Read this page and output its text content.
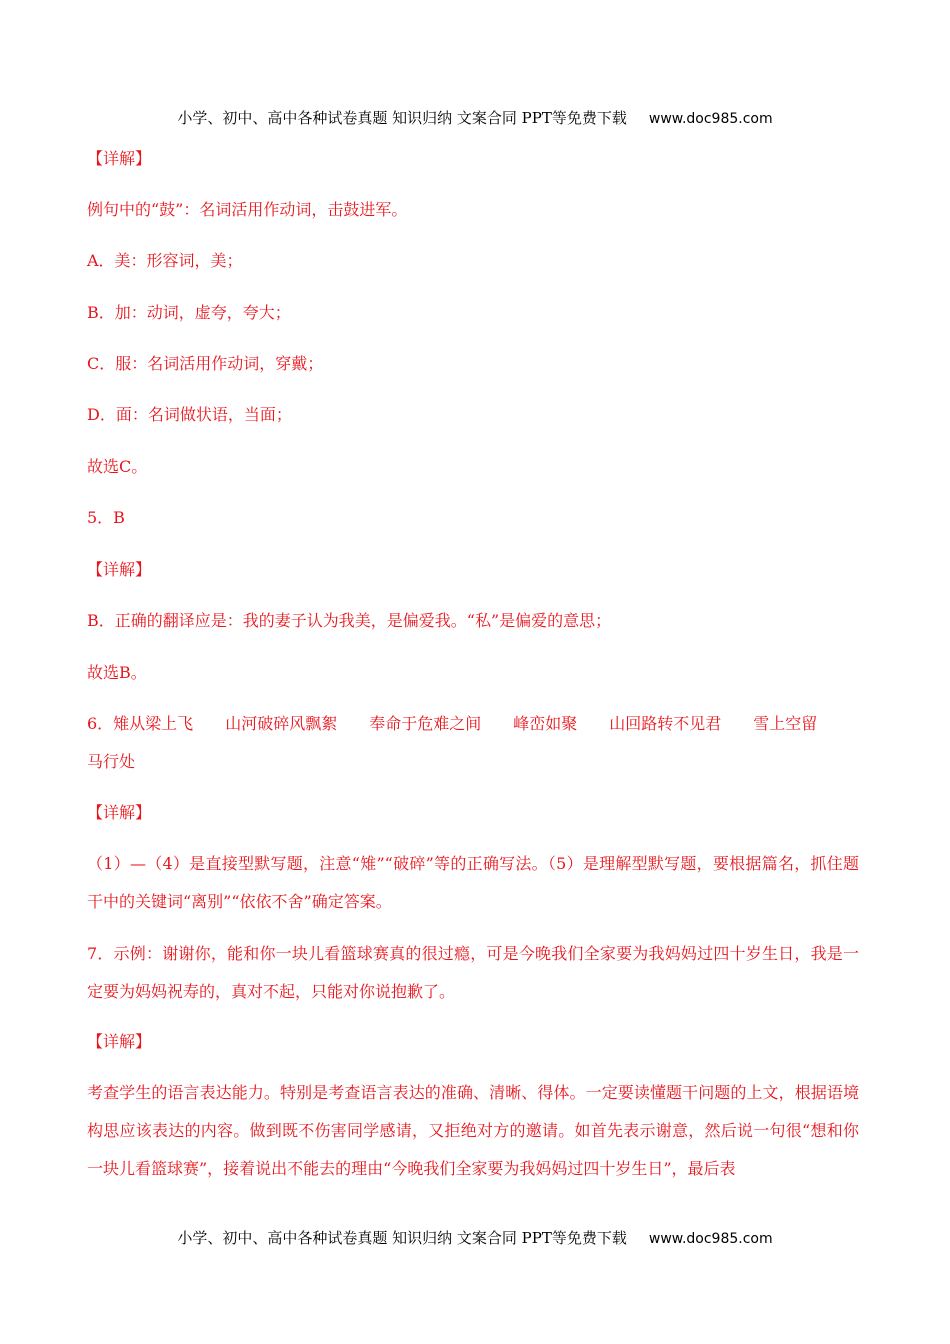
小学、初中、高中各种试卷真题 知识归纳 文案合同 PPT等免费下载 www.doc985.com
【详解】
例句中的“鼓”：名词活用作动词，击鼓进军。
A．美：形容词，美；
B．加：动词，虚夸，夸大；
C．服：名词活用作动词，穿戴；
D．面：名词做状语，当面；
故选C。
5．B
【详解】
B．正确的翻译应是：我的妻子认为我美，是偏爱我。“私”是偏爱的意思；
故选B。
6．雉从梁上飞 山河破碎风飘絮 奉命于危难之间 峰峦如聚 山回路转不见君 雪上空留
马行处
【详解】
（1）—（4）是直接型默写题，注意“雉”“破碎”等的正确写法。（5）是理解型默写题，要根据篇名，抓住题干中的关键词“离别”“依依不舍”确定答案。
7．示例：谢谢你，能和你一块儿看篮球赛真的很过瘾，可是今晚我们全家要为我妈妈过四十岁生日，我是一定要为妈妈祝寿的，真对不起，只能对你说抱歉了。
【详解】
考查学生的语言表达能力。特别是考查语言表达的准确、清晰、得体。一定要读懂题干问题的上文，根据语境构思应该表达的内容。做到既不伤害同学感请，又拒绝对方的邀请。如首先表示谢意，然后说一句很“想和你一块儿看篮球赛”，接着说出不能去的理由“今晚我们全家要为我妈妈过四十岁生日”，最后表
小学、初中、高中各种试卷真题 知识归纳 文案合同 PPT等免费下载 www.doc985.com
